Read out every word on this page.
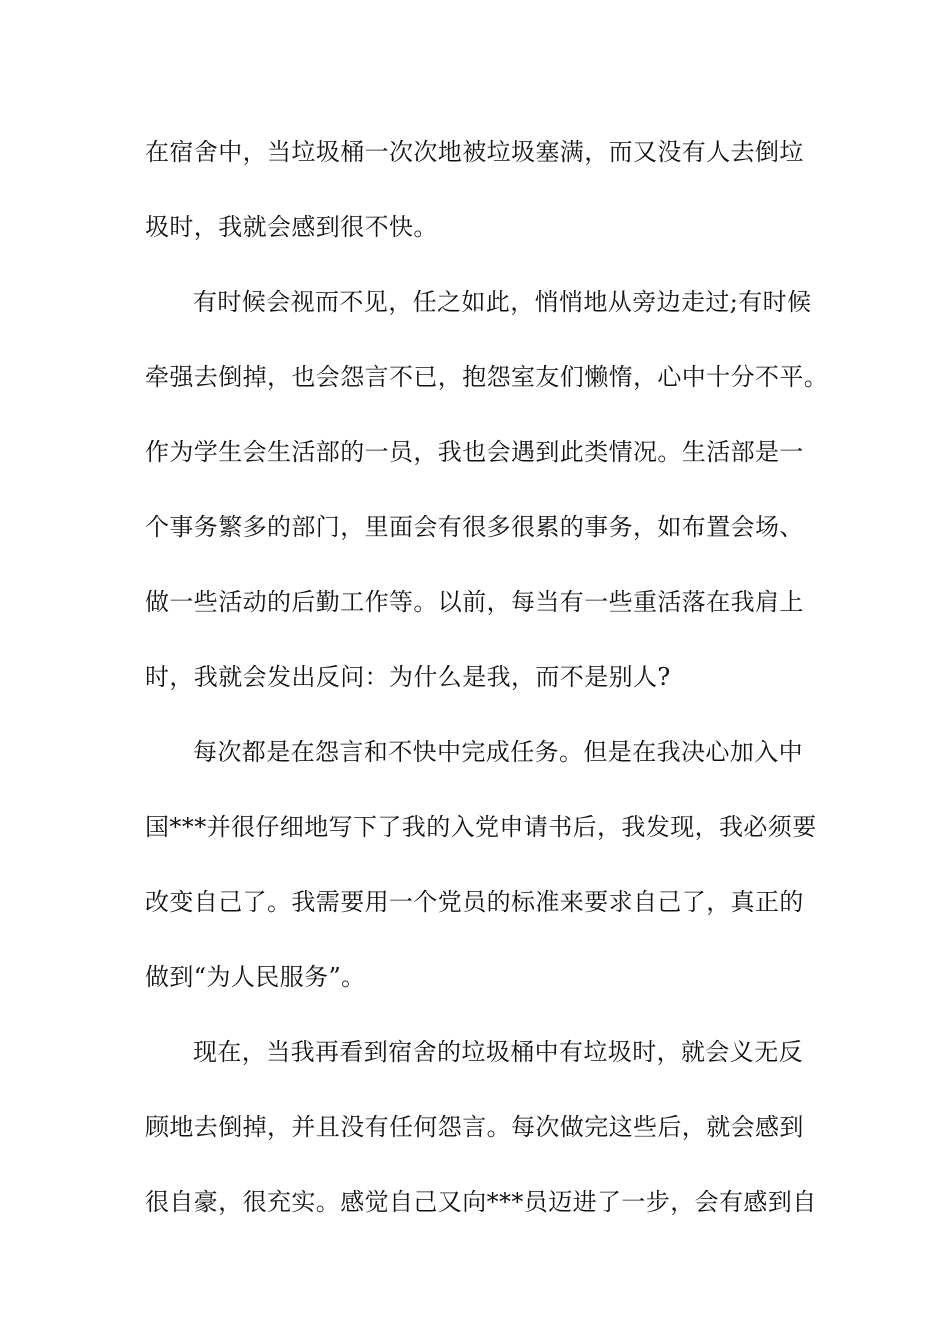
在宿舍中，当垃圾桶一次次地被垃圾塞满，而又没有人去倒垃
圾时，我就会感到很不快。
有时候会视而不见，任之如此，悄悄地从旁边走过;有时候
牵强去倒掉，也会怨言不已，抱怨室友们懒惰，心中十分不平。
作为学生会生活部的一员，我也会遇到此类情况。生活部是一
个事务繁多的部门，里面会有很多很累的事务，如布置会场、
做一些活动的后勤工作等。以前，每当有一些重活落在我肩上
时，我就会发出反问：为什么是我，而不是别人?
每次都是在怨言和不快中完成任务。但是在我决心加入中
国***并很仔细地写下了我的入党申请书后，我发现，我必须要
改变自己了。我需要用一个党员的标准来要求自己了，真正的
做到“为人民服务”。
现在，当我再看到宿舍的垃圾桶中有垃圾时，就会义无反
顾地去倒掉，并且没有任何怨言。每次做完这些后，就会感到
很自豪，很充实。感觉自己又向***员迈进了一步，会有感到自
